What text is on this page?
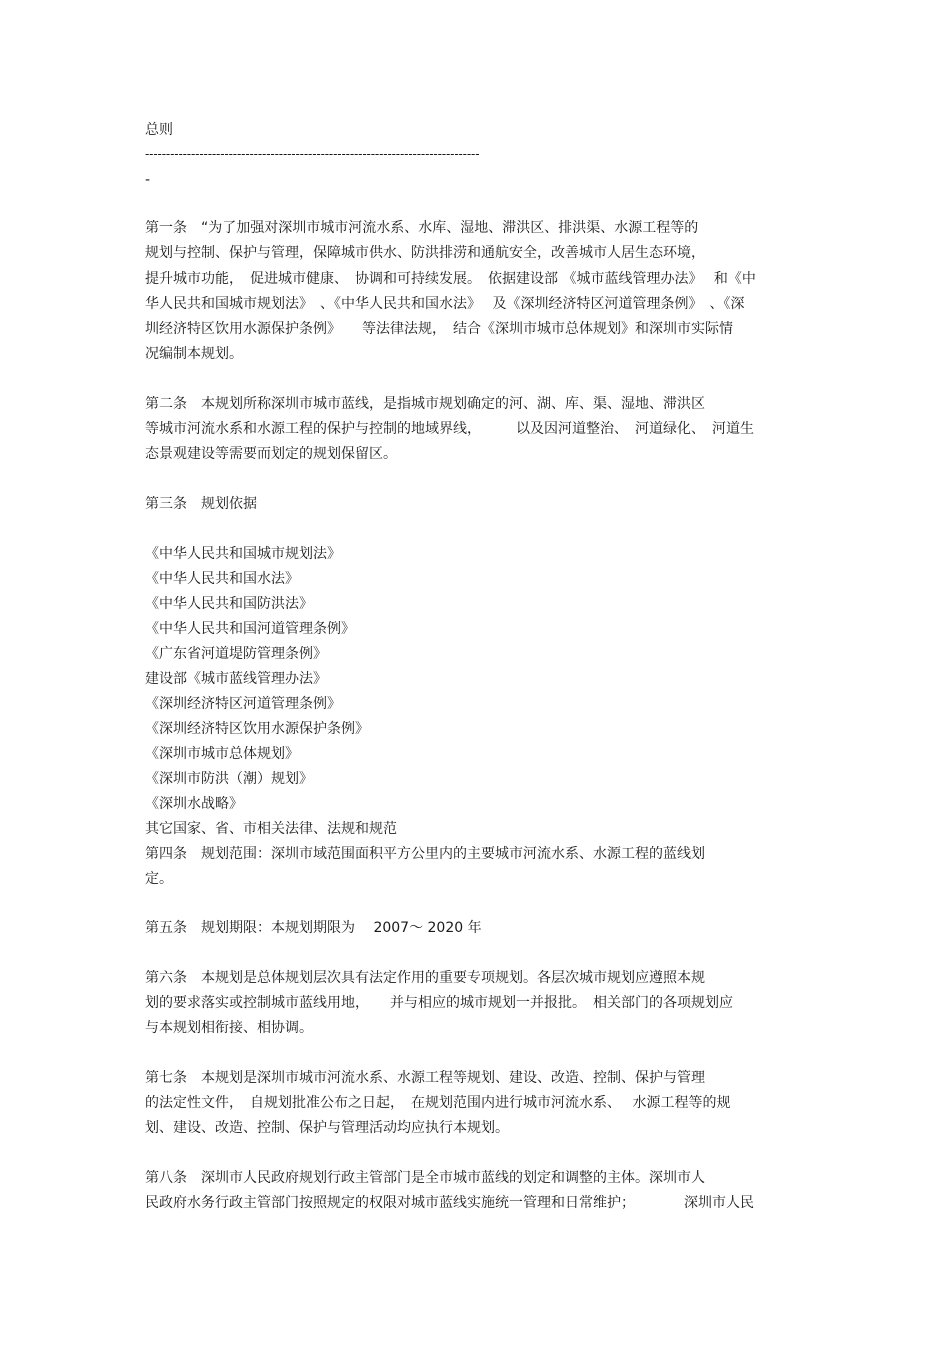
总则
--------------------------------------------------------------------------------
-
第一条　“为了加强对深圳市城市河流水系、水库、湿地、滞洪区、排洪渠、水源工程等的
规划与控制、保护与管理，保障城市供水、防洪排涝和通航安全，改善城市人居生态环境，
提升城市功能，　促进城市健康、　协调和可持续发展。　依据建设部 《城市蓝线管理办法》　 和《中
华人民共和国城市规划法》　、《中华人民共和国水法》　 及《深圳经济特区河道管理条例》　、《深
圳经济特区饮用水源保护条例》　　等法律法规，　结合《深圳市城市总体规划》和深圳市实际情
况编制本规划。
第二条　本规划所称深圳市城市蓝线，是指城市规划确定的河、湖、库、渠、湿地、滞洪区
等城市河流水系和水源工程的保护与控制的地域界线，　　　以及因河道整治、　河道绿化、　河道生
态景观建设等需要而划定的规划保留区。
第三条　规划依据
《中华人民共和国城市规划法》
《中华人民共和国水法》
《中华人民共和国防洪法》
《中华人民共和国河道管理条例》
《广东省河道堤防管理条例》
建设部《城市蓝线管理办法》
《深圳经济特区河道管理条例》
《深圳经济特区饮用水源保护条例》
《深圳市城市总体规划》
《深圳市防洪（潮）规划》
《深圳水战略》
其它国家、省、市相关法律、法规和规范
第四条　规划范围：深圳市域范围面积平方公里内的主要城市河流水系、水源工程的蓝线划
定。
第五条　规划期限：本规划期限为　 2007～ 2020 年
第六条　本规划是总体规划层次具有法定作用的重要专项规划。各层次城市规划应遵照本规
划的要求落实或控制城市蓝线用地，　　并与相应的城市规划一并报批。　相关部门的各项规划应
与本规划相衔接、相协调。
第七条　本规划是深圳市城市河流水系、水源工程等规划、建设、改造、控制、保护与管理
的法定性文件，　自规划批准公布之日起，　在规划范围内进行城市河流水系、　 水源工程等的规
划、建设、改造、控制、保护与管理活动均应执行本规划。
第八条　深圳市人民政府规划行政主管部门是全市城市蓝线的划定和调整的主体。深圳市人
民政府水务行政主管部门按照规定的权限对城市蓝线实施统一管理和日常维护；　　　　深圳市人民
